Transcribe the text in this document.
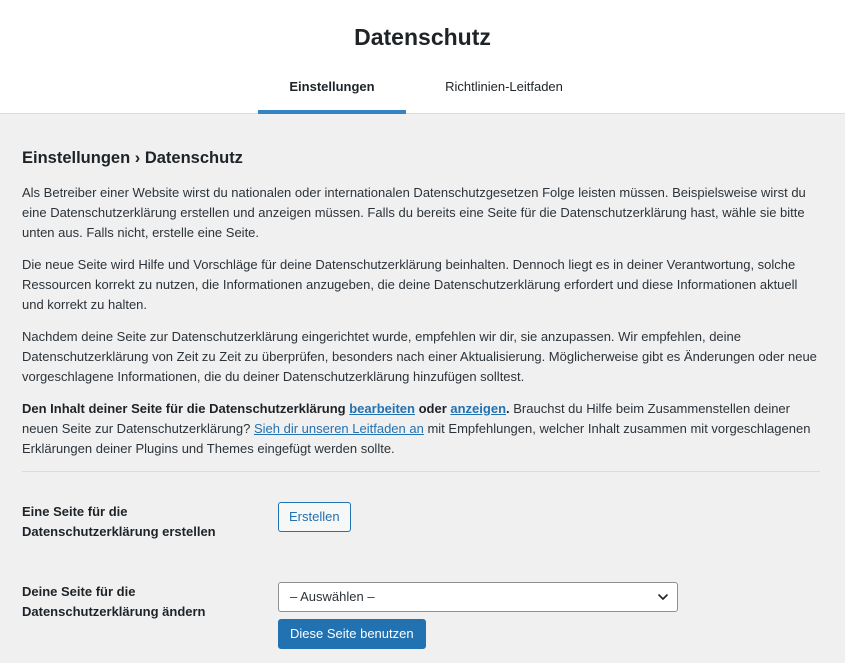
Datenschutz
Einstellungen	Richtlinien-Leitfaden
Einstellungen › Datenschutz

Als Betreiber einer Website wirst du nationalen oder internationalen Datenschutzgesetzen Folge leisten müssen. Beispielsweise wirst du eine Datenschutzerklärung erstellen und anzeigen müssen. Falls du bereits eine Seite für die Datenschutzerklärung hast, wähle sie bitte unten aus. Falls nicht, erstelle eine Seite.

Die neue Seite wird Hilfe und Vorschläge für deine Datenschutzerklärung beinhalten. Dennoch liegt es in deiner Verantwortung, solche Ressourcen korrekt zu nutzen, die Informationen anzugeben, die deine Datenschutzerklärung erfordert und diese Informationen aktuell und korrekt zu halten.

Nachdem deine Seite zur Datenschutzerklärung eingerichtet wurde, empfehlen wir dir, sie anzupassen. Wir empfehlen, deine Datenschutzerklärung von Zeit zu Zeit zu überprüfen, besonders nach einer Aktualisierung. Möglicherweise gibt es Änderungen oder neue vorgeschlagene Informationen, die du deiner Datenschutzerklärung hinzufügen solltest.

Den Inhalt deiner Seite für die Datenschutzerklärung bearbeiten oder anzeigen. Brauchst du Hilfe beim Zusammenstellen deiner neuen Seite zur Datenschutzerklärung? Sieh dir unseren Leitfaden an mit Empfehlungen, welcher Inhalt zusammen mit vorgeschlagenen Erklärungen deiner Plugins und Themes eingefügt werden sollte.

Eine Seite für die Datenschutzerklärung erstellen
Erstellen
Deine Seite für die Datenschutzerklärung ändern
– Auswählen –
Diese Seite benutzen
